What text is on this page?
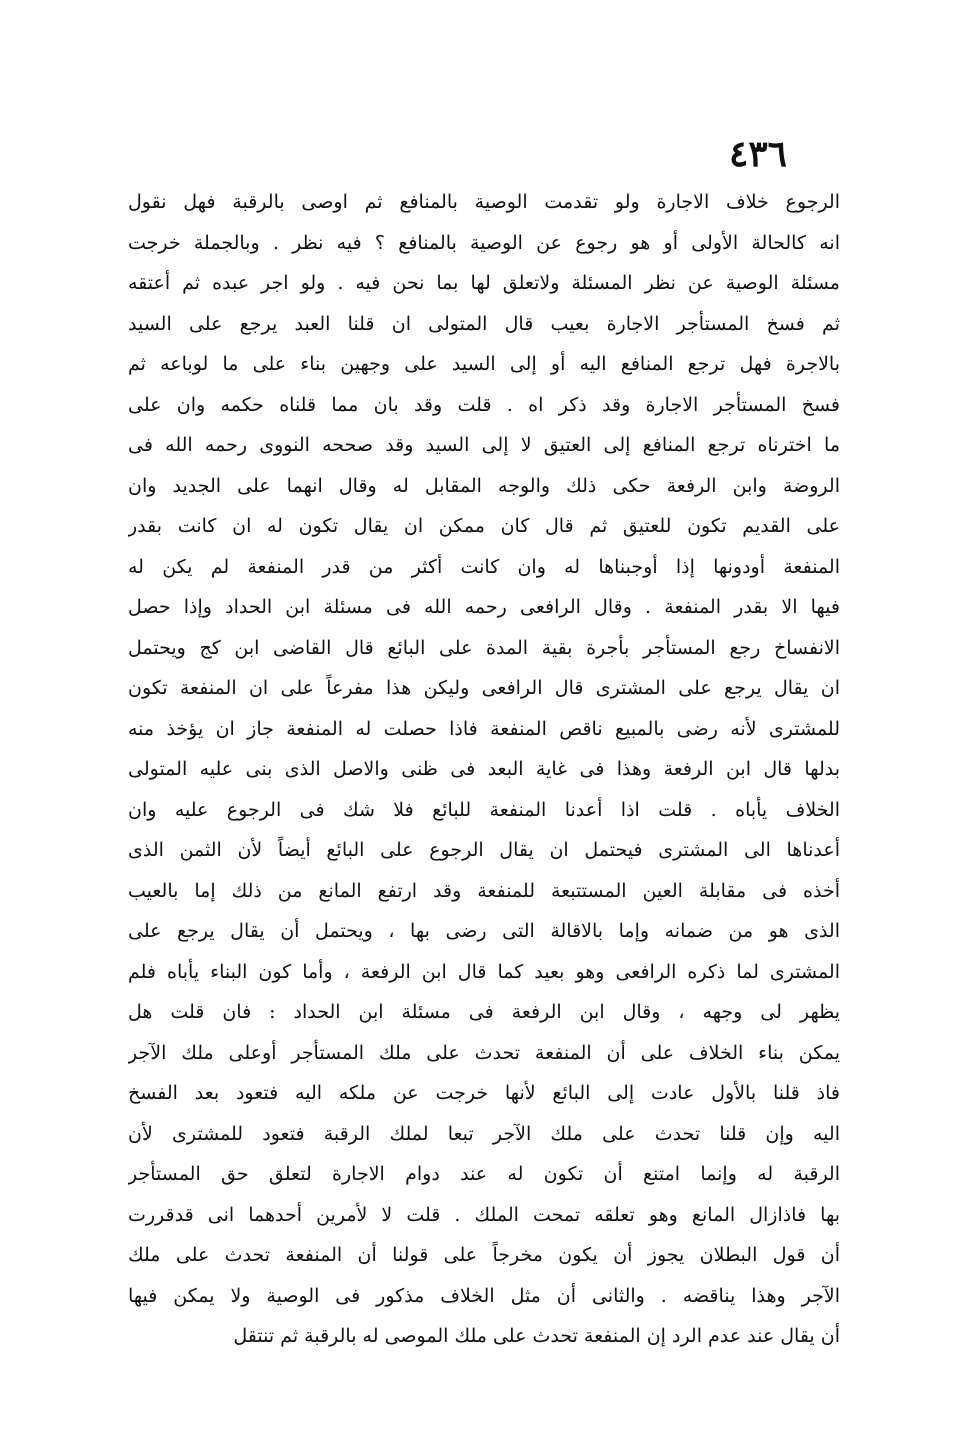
٤٣٦
الرجوع خلاف الاجارة ولو تقدمت الوصية بالمنافع ثم اوصى بالرقبة فهل نقول
انه كالحالة الأولى أو هو رجوع عن الوصية بالمنافع ؟ فيه نظر . وبالجملة خرجت
مسئلة الوصية عن نظر المسئلة ولاتعلق لها بما نحن فيه . ولو اجر عبده ثم أعتقه
ثم فسخ المستأجر الاجارة بعيب قال المتولى ان قلنا العبد يرجع على السيد
بالاجرة فهل ترجع المنافع اليه أو إلى السيد على وجهين بناء على ما لوباعه ثم
فسخ المستأجر الاجارة وقد ذكر اه . قلت وقد بان مما قلناه حكمه وان على
ما اخترناه ترجع المنافع إلى العتيق لا إلى السيد وقد صححه النووى رحمه الله فى
الروضة وابن الرفعة حكى ذلك والوجه المقابل له وقال انهما على الجديد وان
على القديم تكون للعتيق ثم قال كان ممكن ان يقال تكون له ان كانت بقدر
المنفعة أودونها إذا أوجبناها له وان كانت أكثر من قدر المنفعة لم يكن له
فيها الا بقدر المنفعة . وقال الرافعى رحمه الله فى مسئلة ابن الحداد وإذا حصل
الانفساخ رجع المستأجر بأجرة بقية المدة على البائع قال القاضى ابن كج ويحتمل
ان يقال يرجع على المشترى قال الرافعى وليكن هذا مفرعاً على ان المنفعة تكون
للمشترى لأنه رضى بالمبيع ناقص المنفعة فاذا حصلت له المنفعة جاز ان يؤخذ منه
بدلها قال ابن الرفعة وهذا فى غاية البعد فى ظنى والاصل الذى بنى عليه المتولى
الخلاف يأباه . قلت اذا أعدنا المنفعة للبائع فلا شك فى الرجوع عليه وان
أعدناها الى المشترى فيحتمل ان يقال الرجوع على البائع أيضاً لأن الثمن الذى
أخذه فى مقابلة العين المستتبعة للمنفعة وقد ارتفع المانع من ذلك إما بالعيب
الذى هو من ضمانه وإما بالاقالة التى رضى بها ، ويحتمل أن يقال يرجع على
المشترى لما ذكره الرافعى وهو بعيد كما قال ابن الرفعة ، وأما كون البناء يأباه فلم
يظهر لى وجهه ، وقال ابن الرفعة فى مسئلة ابن الحداد : فان قلت هل
يمكن بناء الخلاف على أن المنفعة تحدث على ملك المستأجر أوعلى ملك الآجر
فاذ قلنا بالأول عادت إلى البائع لأنها خرجت عن ملكه اليه فتعود بعد الفسخ
اليه وإن قلنا تحدث على ملك الآجر تبعا لملك الرقبة فتعود للمشترى لأن
الرقبة له وإنما امتنع أن تكون له عند دوام الاجارة لتعلق حق المستأجر
بها فاذازال المانع وهو تعلقه تمحت الملك . قلت لا لأمرين أحدهما انى قدقررت
أن قول البطلان يجوز أن يكون مخرجاً على قولنا أن المنفعة تحدث على ملك
الآجر وهذا يناقضه . والثانى أن مثل الخلاف مذكور فى الوصية ولا يمكن فيها
أن يقال عند عدم الرد إن المنفعة تحدث على ملك الموصى له بالرقبة ثم تنتقل
